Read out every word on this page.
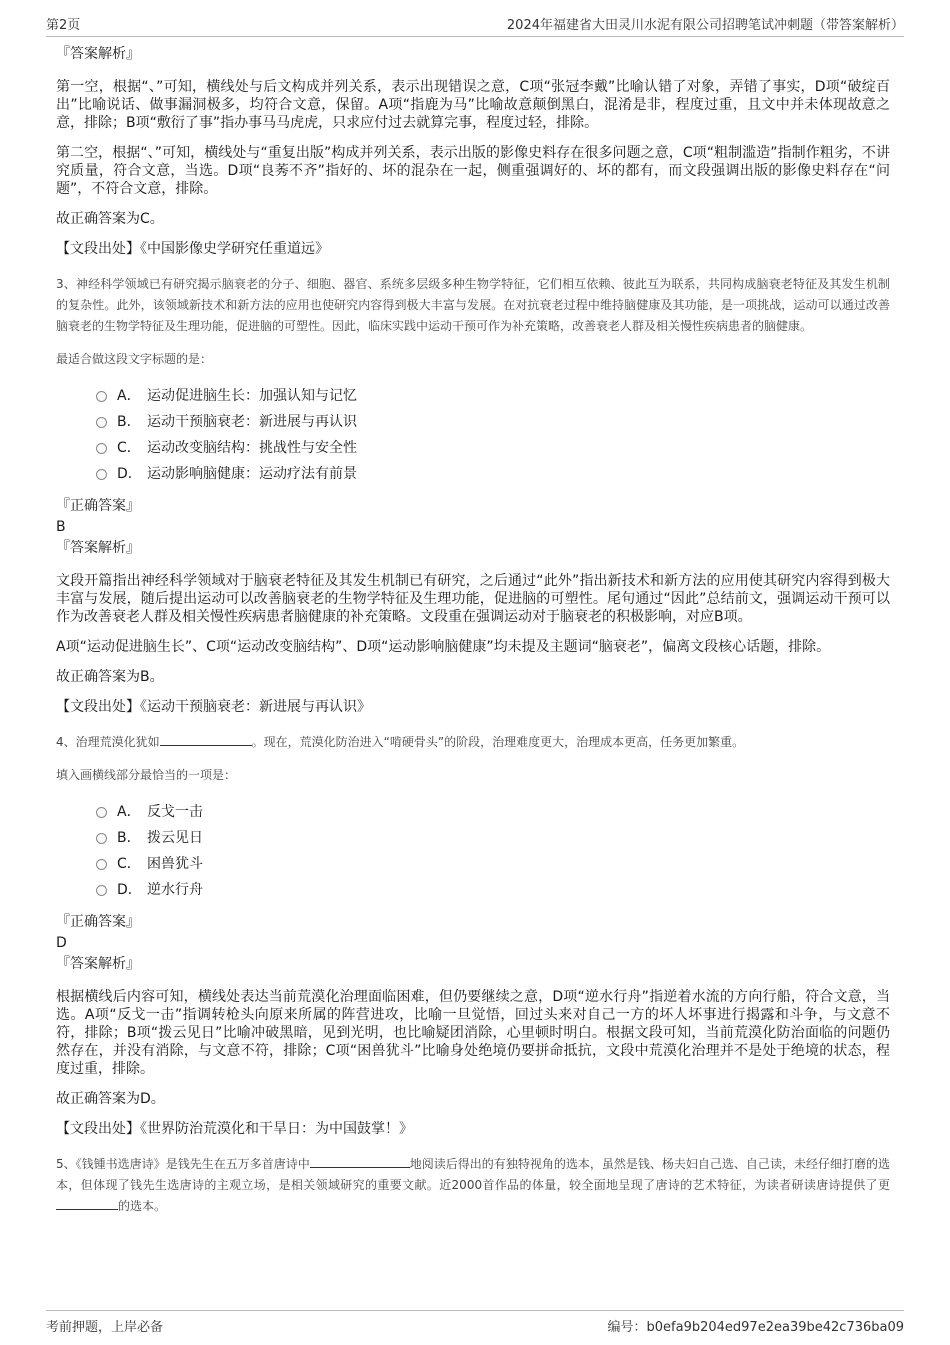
第2页	2024年福建省大田灵川水泥有限公司招聘笔试冲刺题（带答案解析）
『答案解析』

第一空，根据“、”可知，横线处与后文构成并列关系，表示出现错误之意，C项“张冠李戴”比喻认错了对象，弄错了事实，D项“破绽百出”比喻说话、做事漏洞极多，均符合文意，保留。A项“指鹿为马”比喻故意颠倒黑白，混淆是非，程度过重，且文中并未体现故意之意，排除；B项“敷衍了事”指办事马马虎虎，只求应付过去就算完事，程度过轻，排除。

第二空，根据“、”可知，横线处与“重复出版”构成并列关系，表示出版的影像史料存在很多问题之意，C项“粗制滥造”指制作粗劣，不讲究质量，符合文意，当选。D项“良莠不齐”指好的、坏的混杂在一起，侧重强调好的、坏的都有，而文段强调出版的影像史料存在“问题”，不符合文意，排除。

故正确答案为C。

【文段出处】《中国影像史学研究任重道远》

3、神经科学领域已有研究揭示脑衰老的分子、细胞、器官、系统多层级多种生物学特征，它们相互依赖、彼此互为联系，共同构成脑衰老特征及其发生机制的复杂性。此外，该领域新技术和新方法的应用也使研究内容得到极大丰富与发展。在对抗衰老过程中维持脑健康及其功能，是一项挑战，运动可以通过改善脑衰老的生物学特征及生理功能，促进脑的可塑性。因此，临床实践中运动干预可作为补充策略，改善衰老人群及相关慢性疾病患者的脑健康。

最适合做这段文字标题的是：

A． 运动促进脑生长：加强认知与记忆
B． 运动干预脑衰老：新进展与再认识
C． 运动改变脑结构：挑战性与安全性
D． 运动影响脑健康：运动疗法有前景
『正确答案』
B
『答案解析』

文段开篇指出神经科学领域对于脑衰老特征及其发生机制已有研究，之后通过“此外”指出新技术和新方法的应用使其研究内容得到极大丰富与发展，随后提出运动可以改善脑衰老的生物学特征及生理功能，促进脑的可塑性。尾句通过“因此”总结前文，强调运动干预可以作为改善衰老人群及相关慢性疾病患者脑健康的补充策略。文段重在强调运动对于脑衰老的积极影响，对应B项。

A项“运动促进脑生长”、C项“运动改变脑结构”、D项“运动影响脑健康”均未提及主题词“脑衰老”，偏离文段核心话题，排除。

故正确答案为B。

【文段出处】《运动干预脑衰老：新进展与再认识》

4、治理荒漠化犹如	。现在，荒漠化防治进入“啃硬骨头”的阶段，治理难度更大，治理成本更高，任务更加繁重。

填入画横线部分最恰当的一项是：

A． 反戈一击
B． 拨云见日
C． 困兽犹斗
D． 逆水行舟
『正确答案』
D
『答案解析』

根据横线后内容可知，横线处表达当前荒漠化治理面临困难，但仍要继续之意，D项“逆水行舟”指逆着水流的方向行船，符合文意，当选。A项“反戈一击”指调转枪头向原来所属的阵营进攻，比喻一旦觉悟，回过头来对自己一方的坏人坏事进行揭露和斗争，与文意不符，排除；B项“拨云见日”比喻冲破黑暗，见到光明，也比喻疑团消除，心里顿时明白。根据文段可知，当前荒漠化防治面临的问题仍然存在，并没有消除，与文意不符，排除；C项“困兽犹斗”比喻身处绝境仍要拼命抵抗，文段中荒漠化治理并不是处于绝境的状态，程度过重，排除。

故正确答案为D。

【文段出处】《世界防治荒漠化和干旱日：为中国鼓掌！》

5、《钱锺书选唐诗》是钱先生在五万多首唐诗中	地阅读后得出的有独特视角的选本，虽然是钱、杨夫妇自己选、自己读，未经仔细打磨的选本，但体现了钱先生选唐诗的主观立场，是相关领域研究的重要文献。近2000首作品的体量，较全面地呈现了唐诗的艺术特征，为读者研读唐诗提供了更的选本。

考前押题，上岸必备	编号：b0efa9b204ed97e2ea39be42c736ba09
